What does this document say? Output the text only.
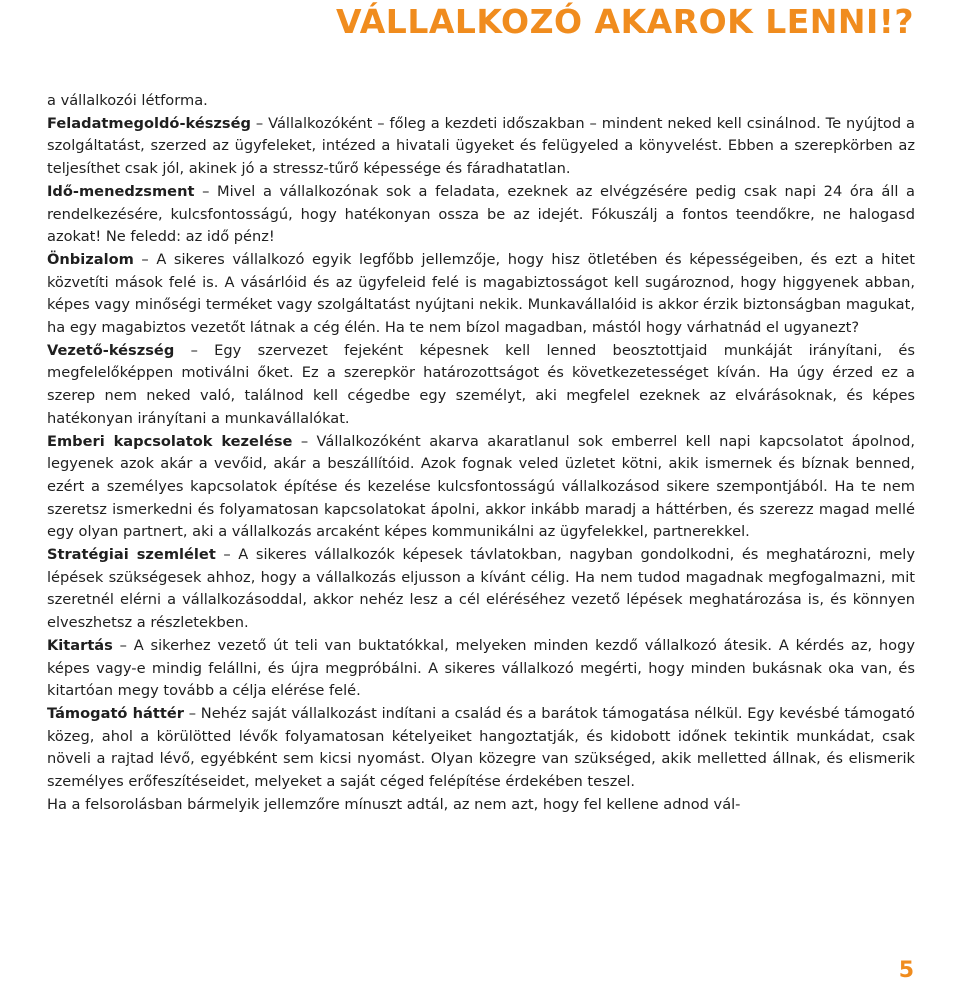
VÁLLALKOZÓ AKAROK LENNI!?

a vállalkozói létforma.

Feladatmegoldó-készség – Vállalkozóként – főleg a kezdeti időszakban – mindent neked kell csinálnod. Te nyújtod a szolgáltatást, szerzed az ügyfeleket, intézed a hivatali ügyeket és felügyeled a könyvelést. Ebben a szerepkörben az teljesíthet csak jól, akinek jó a stressz-tűrő képessége és fáradhatatlan.

Idő-menedzsment – Mivel a vállalkozónak sok a feladata, ezeknek az elvégzésére pedig csak napi 24 óra áll a rendelkezésére, kulcsfontosságú, hogy hatékonyan ossza be az idejét. Fókuszálj a fontos teendőkre, ne halogasd azokat! Ne feledd: az idő pénz!

Önbizalom – A sikeres vállalkozó egyik legfőbb jellemzője, hogy hisz ötletében és képességeiben, és ezt a hitet közvetíti mások felé is. A vásárlóid és az ügyfeleid felé is magabiztosságot kell sugároznod, hogy higgyenek abban, képes vagy minőségi terméket vagy szolgáltatást nyújtani nekik. Munkavállalóid is akkor érzik biztonságban magukat, ha egy magabiztos vezetőt látnak a cég élén. Ha te nem bízol magadban, mástól hogy várhatnád el ugyanezt?

Vezető-készség – Egy szervezet fejeként képesnek kell lenned beosztottjaid munkáját irányítani, és megfelelőképpen motiválni őket. Ez a szerepkör határozottságot és következetességet kíván. Ha úgy érzed ez a szerep nem neked való, találnod kell cégedbe egy személyt, aki megfelel ezeknek az elvárásoknak, és képes hatékonyan irányítani a munkavállalókat.

Emberi kapcsolatok kezelése – Vállalkozóként akarva akaratlanul sok emberrel kell napi kapcsolatot ápolnod, legyenek azok akár a vevőid, akár a beszállítóid. Azok fognak veled üzletet kötni, akik ismernek és bíznak benned, ezért a személyes kapcsolatok építése és kezelése kulcsfontosságú vállalkozásod sikere szempontjából. Ha te nem szeretsz ismerkedni és folyamatosan kapcsolatokat ápolni, akkor inkább maradj a háttérben, és szerezz magad mellé egy olyan partnert, aki a vállalkozás arcaként képes kommunikálni az ügyfelekkel, partnerekkel.

Stratégiai szemlélet – A sikeres vállalkozók képesek távlatokban, nagyban gondolkodni, és meghatározni, mely lépések szükségesek ahhoz, hogy a vállalkozás eljusson a kívánt célig. Ha nem tudod magadnak megfogalmazni, mit szeretnél elérni a vállalkozásoddal, akkor nehéz lesz a cél eléréséhez vezető lépések meghatározása is, és könnyen elveszhetsz a részletekben.

Kitartás – A sikerhez vezető út teli van buktatókkal, melyeken minden kezdő vállalkozó átesik. A kérdés az, hogy képes vagy-e mindig felállni, és újra megpróbálni. A sikeres vállalkozó megérti, hogy minden bukásnak oka van, és kitartóan megy tovább a célja elérése felé.

Támogató háttér – Nehéz saját vállalkozást indítani a család és a barátok támogatása nélkül. Egy kevésbé támogató közeg, ahol a körülötted lévők folyamatosan kételyeiket hangoztatják, és kidobott időnek tekintik munkádat, csak növeli a rajtad lévő, egyébként sem kicsi nyomást. Olyan közegre van szükséged, akik melletted állnak, és elismerik személyes erőfeszítéseidet, melyeket a saját céged felépítése érdekében teszel.

Ha a felsorolásban bármelyik jellemzőre mínuszt adtál, az nem azt, hogy fel kellene adnod vál-

5
